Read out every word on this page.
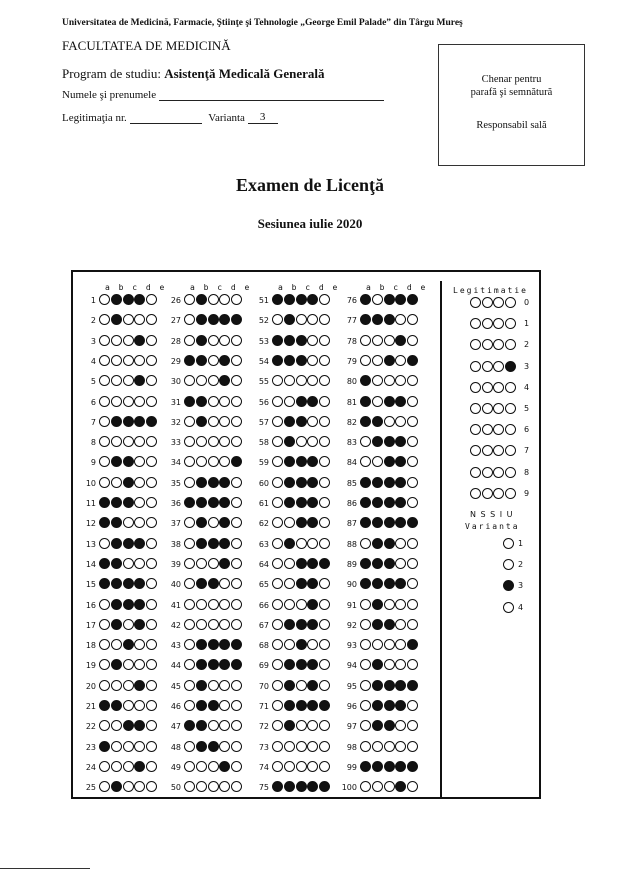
Universitatea de Medicină, Farmacie, Ştiinţe şi Tehnologie „George Emil Palade” din Târgu Mureş
FACULTATEA DE MEDICINĂ
Program de studiu: Asistenţă Medicală Generală
Numele şi prenumele
Legitimaţia nr.	Varianta 3
Chenar pentru
parafă şi semnătură
Responsabil sală
Examen de Licenţă
Sesiunea iulie 2020
a b c d e
1
2
3
4
5
6
7
8
9
10
11
12
13
14
15
16
17
18
19
20
21
22
23
24
25
a b c d e
26
27
28
29
30
31
32
33
34
35
36
37
38
39
40
41
42
43
44
45
46
47
48
49
50
a b c d e
51
52
53
54
55
56
57
58
59
60
61
62
63
64
65
66
67
68
69
70
71
72
73
74
75
a b c d e
76
77
78
79
80
81
82
83
84
85
86
87
88
89
90
91
92
93
94
95
96
97
98
99
100
Legitimatie
0
1
2
3
4
5
6
7
8
9
N S S I U
Varianta
1
2
3
4
